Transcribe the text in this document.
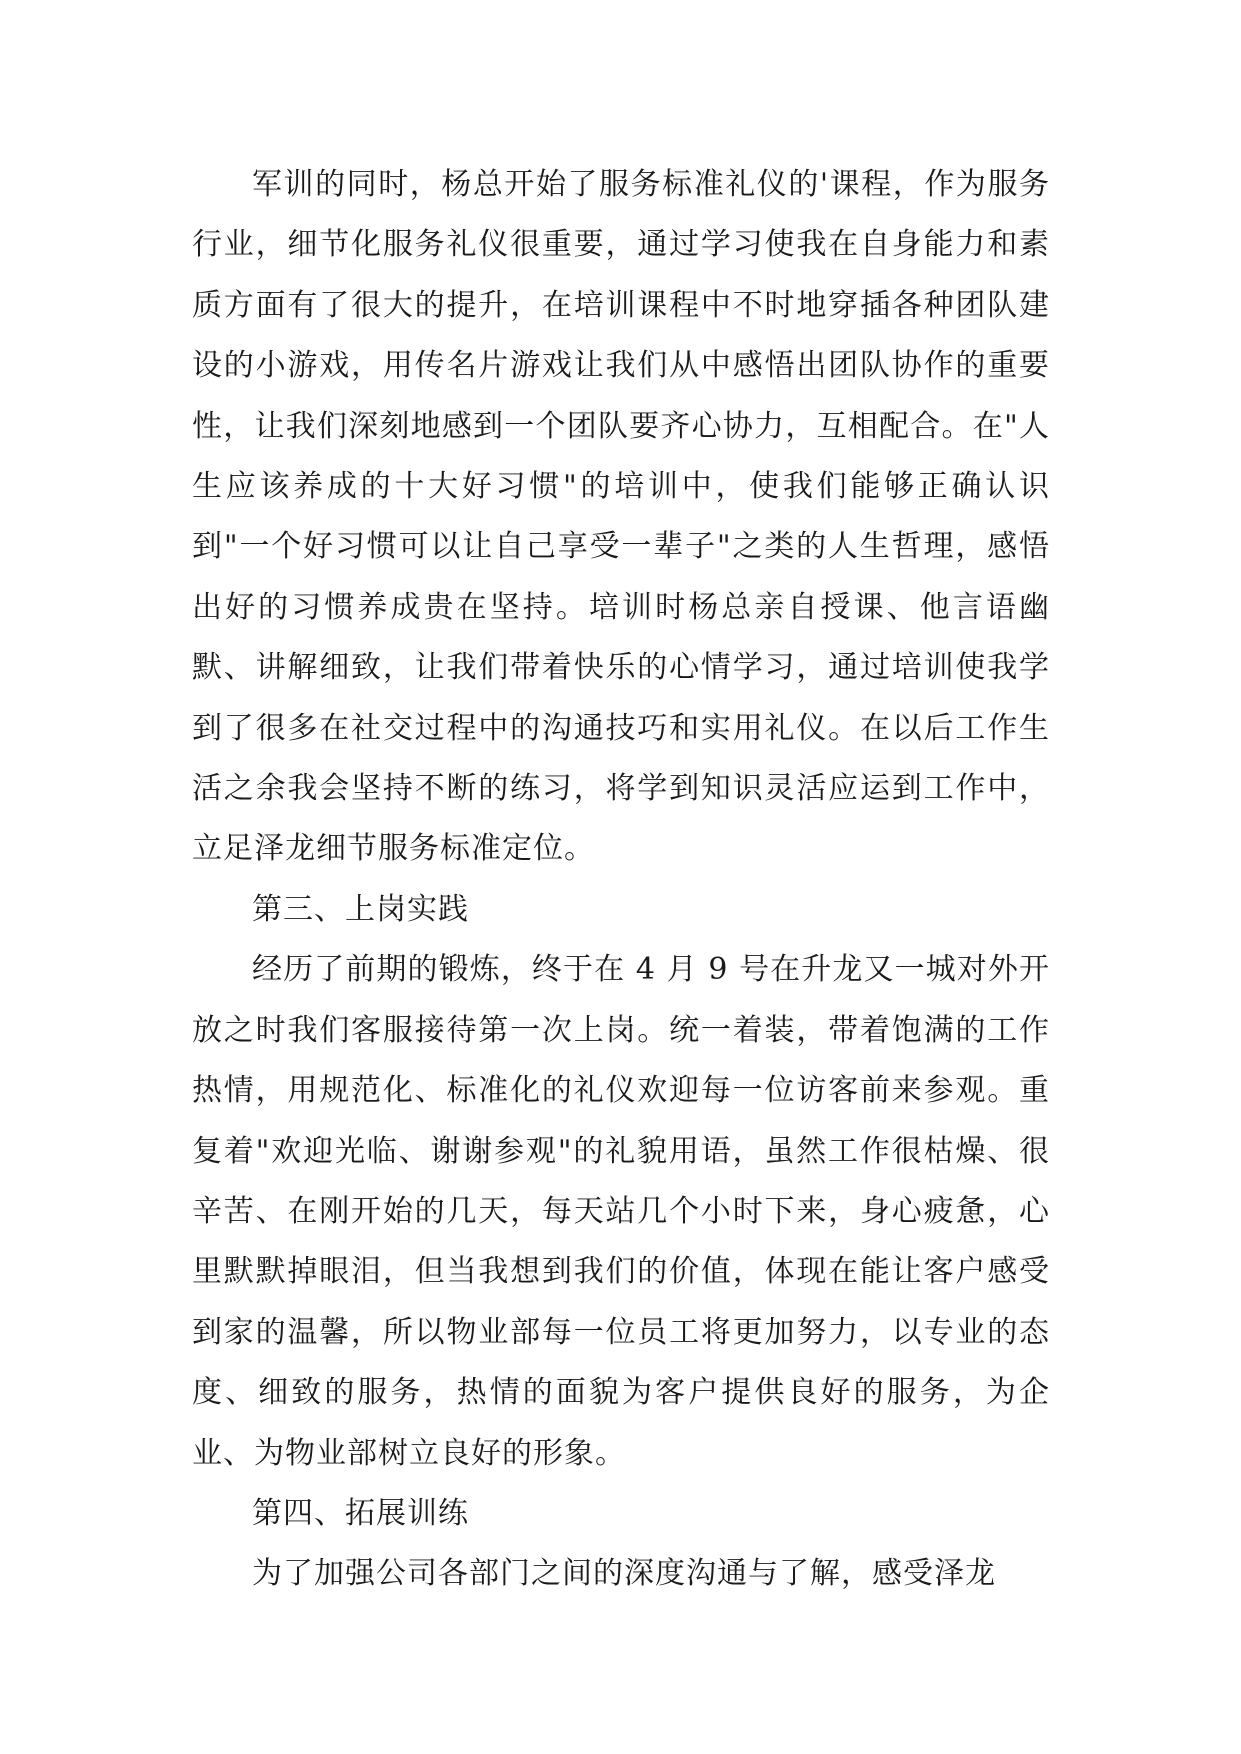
军训的同时，杨总开始了服务标准礼仪的'课程，作为服务行业，细节化服务礼仪很重要，通过学习使我在自身能力和素质方面有了很大的提升，在培训课程中不时地穿插各种团队建设的小游戏，用传名片游戏让我们从中感悟出团队协作的重要性，让我们深刻地感到一个团队要齐心协力，互相配合。在"人生应该养成的十大好习惯"的培训中，使我们能够正确认识到"一个好习惯可以让自己享受一辈子"之类的人生哲理，感悟出好的习惯养成贵在坚持。培训时杨总亲自授课、他言语幽默、讲解细致，让我们带着快乐的心情学习，通过培训使我学到了很多在社交过程中的沟通技巧和实用礼仪。在以后工作生活之余我会坚持不断的练习，将学到知识灵活应运到工作中，立足泽龙细节服务标准定位。

第三、上岗实践

经历了前期的锻炼，终于在 4 月 9 号在升龙又一城对外开放之时我们客服接待第一次上岗。统一着装，带着饱满的工作热情，用规范化、标准化的礼仪欢迎每一位访客前来参观。重复着"欢迎光临、谢谢参观"的礼貌用语，虽然工作很枯燥、很辛苦、在刚开始的几天，每天站几个小时下来，身心疲惫，心里默默掉眼泪，但当我想到我们的价值，体现在能让客户感受到家的温馨，所以物业部每一位员工将更加努力，以专业的态度、细致的服务，热情的面貌为客户提供良好的服务，为企业、为物业部树立良好的形象。

第四、拓展训练

为了加强公司各部门之间的深度沟通与了解，感受泽龙
